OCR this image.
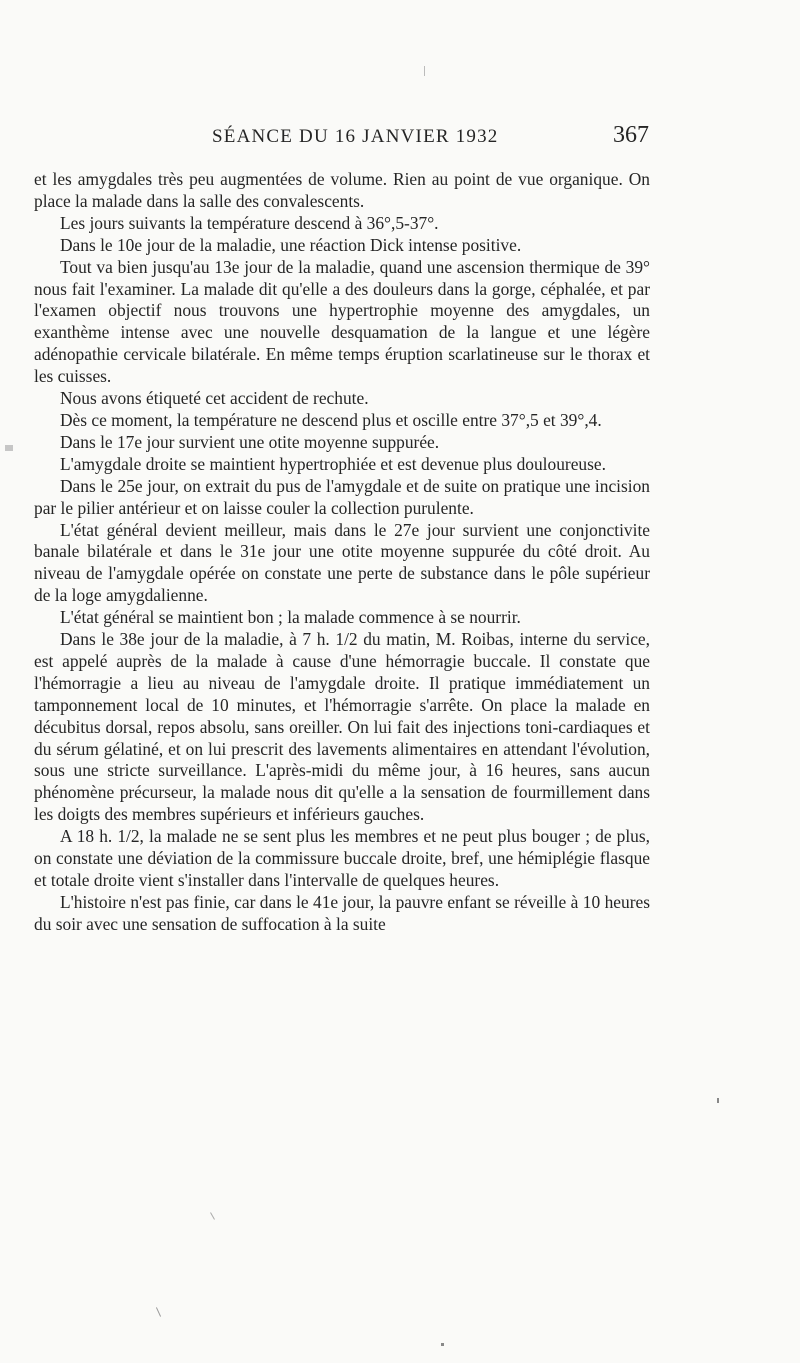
SÉANCE DU 16 JANVIER 1932	367

et les amygdales très peu augmentées de volume. Rien au point de vue organique. On place la malade dans la salle des convalescents.

Les jours suivants la température descend à 36°,5-37°.

Dans le 10e jour de la maladie, une réaction Dick intense positive.

Tout va bien jusqu'au 13e jour de la maladie, quand une ascension thermique de 39° nous fait l'examiner. La malade dit qu'elle a des douleurs dans la gorge, céphalée, et par l'examen objectif nous trouvons une hypertrophie moyenne des amygdales, un exanthème intense avec une nouvelle desquamation de la langue et une légère adénopathie cervicale bilatérale. En même temps éruption scarlatineuse sur le thorax et les cuisses.

Nous avons étiqueté cet accident de rechute.

Dès ce moment, la température ne descend plus et oscille entre 37°,5 et 39°,4.

Dans le 17e jour survient une otite moyenne suppurée.

L'amygdale droite se maintient hypertrophiée et est devenue plus douloureuse.

Dans le 25e jour, on extrait du pus de l'amygdale et de suite on pratique une incision par le pilier antérieur et on laisse couler la collection purulente.

L'état général devient meilleur, mais dans le 27e jour survient une conjonctivite banale bilatérale et dans le 31e jour une otite moyenne suppurée du côté droit. Au niveau de l'amygdale opérée on constate une perte de substance dans le pôle supérieur de la loge amygdalienne.

L'état général se maintient bon ; la malade commence à se nourrir.

Dans le 38e jour de la maladie, à 7 h. 1/2 du matin, M. Roibas, interne du service, est appelé auprès de la malade à cause d'une hémorragie buccale. Il constate que l'hémorragie a lieu au niveau de l'amygdale droite. Il pratique immédiatement un tamponnement local de 10 minutes, et l'hémorragie s'arrête. On place la malade en décubitus dorsal, repos absolu, sans oreiller. On lui fait des injections toni-cardiaques et du sérum gélatiné, et on lui prescrit des lavements alimentaires en attendant l'évolution, sous une stricte surveillance. L'après-midi du même jour, à 16 heures, sans aucun phénomène précurseur, la malade nous dit qu'elle a la sensation de fourmillement dans les doigts des membres supérieurs et inférieurs gauches.

A 18 h. 1/2, la malade ne se sent plus les membres et ne peut plus bouger ; de plus, on constate une déviation de la commissure buccale droite, bref, une hémiplégie flasque et totale droite vient s'installer dans l'intervalle de quelques heures.

L'histoire n'est pas finie, car dans le 41e jour, la pauvre enfant se réveille à 10 heures du soir avec une sensation de suffocation à la suite
